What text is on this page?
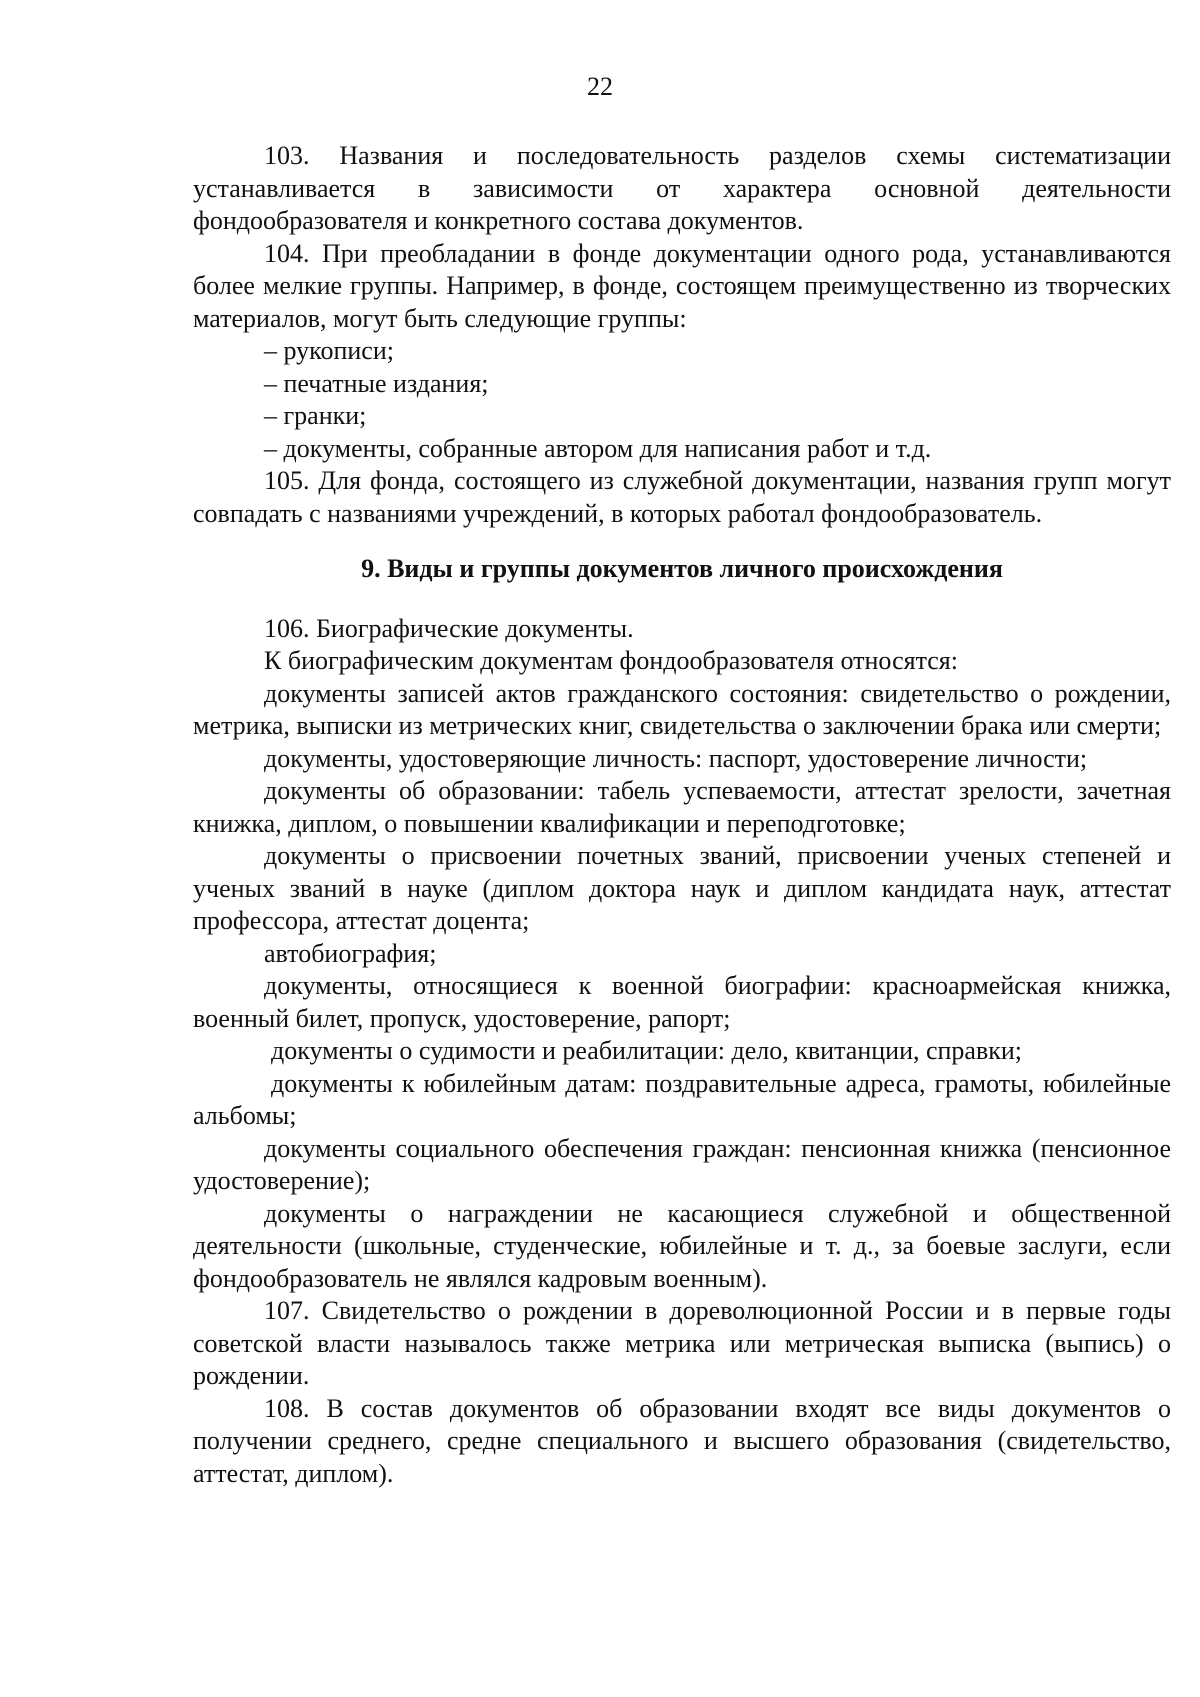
22

103. Названия и последовательность разделов схемы систематизации устанавливается в зависимости от характера основной деятельности фондообразователя и конкретного состава документов.

104. При преобладании в фонде документации одного рода, устанавливаются более мелкие группы. Например, в фонде, состоящем преимущественно из творческих материалов, могут быть следующие группы:

– рукописи;

– печатные издания;

– гранки;

– документы, собранные автором для написания работ и т.д.

105. Для фонда, состоящего из служебной документации, названия групп могут совпадать с названиями учреждений, в которых работал фондообразователь.

9. Виды и группы документов личного происхождения

106. Биографические документы.

К биографическим документам фондообразователя относятся:

документы записей актов гражданского состояния: свидетельство о рождении, метрика, выписки из метрических книг, свидетельства о заключении брака или смерти;

документы, удостоверяющие личность: паспорт, удостоверение личности;

документы об образовании: табель успеваемости, аттестат зрелости, зачетная книжка, диплом, о повышении квалификации и переподготовке;

документы о присвоении почетных званий, присвоении ученых степеней и ученых званий в науке (диплом доктора наук и диплом кандидата наук, аттестат профессора, аттестат доцента;

автобиография;

документы, относящиеся к военной биографии: красноармейская книжка, военный билет, пропуск, удостоверение, рапорт;

документы о судимости и реабилитации: дело, квитанции, справки;

документы к юбилейным датам: поздравительные адреса, грамоты, юбилейные альбомы;

документы социального обеспечения граждан: пенсионная книжка (пенсионное удостоверение);

документы о награждении не касающиеся служебной и общественной деятельности (школьные, студенческие, юбилейные и т. д., за боевые заслуги, если фондообразователь не являлся кадровым военным).

107. Свидетельство о рождении в дореволюционной России и в первые годы советской власти называлось также метрика или метрическая выписка (выпись) о рождении.

108. В состав документов об образовании входят все виды документов о получении среднего, средне специального и высшего образования (свидетельство, аттестат, диплом).
